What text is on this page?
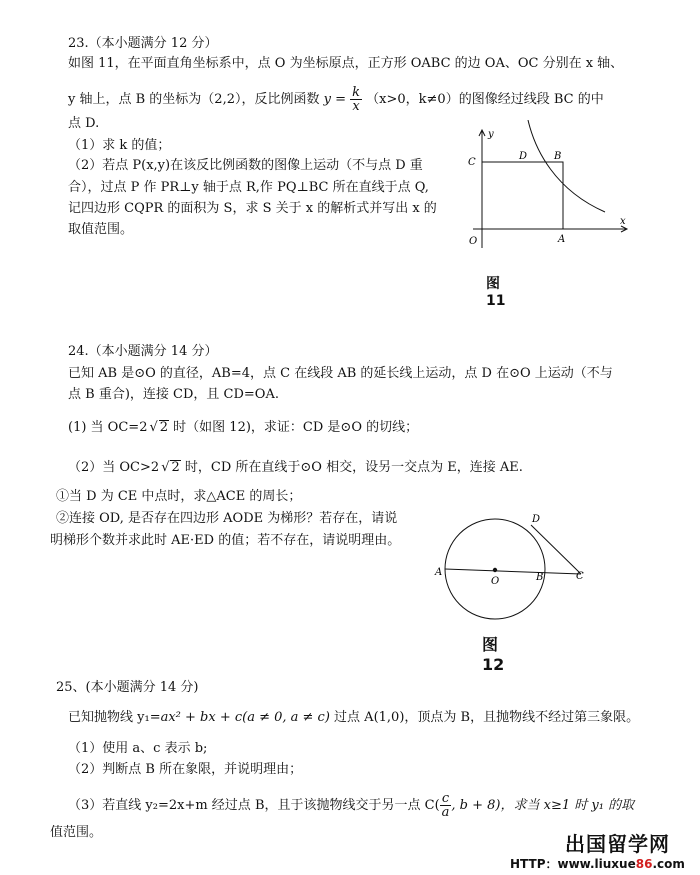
23.（本小题满分 12 分）
如图 11，在平面直角坐标系中，点 O 为坐标原点，正方形 OABC 的边 OA、OC 分别在 x 轴、
y 轴上，点 B 的坐标为（2,2），反比例函数 $y = \frac{k}{x} (x>0$，k≠0）的图像经过线段 BC 的中
点 D.
（1）求 k 的值；
（2）若点 P(x,y)在该反比例函数的图像上运动（不与点 D 重
合），过点 P 作 PR⊥y 轴于点 R,作 PQ⊥BC 所在直线于点 Q,
记四边形 CQPR 的面积为 S，求 S 关于 x 的解析式并写出 x 的
取值范围。
y
x
C
D	B
O	A
图11
24.（本小题满分 14 分）
已知 AB 是⊙O 的直径，AB=4，点 C 在线段 AB 的延长线上运动，点 D 在⊙O 上运动（不与
点 B 重合)，连接 CD，且 CD=OA.
(1) 当 OC=2 √ 2 时（如图 12)，求证：CD 是⊙O 的切线；
（2）当 OC>2 √ 2 时，CD 所在直线于⊙O 相交，设另一交点为 E，连接 AE.
①当 D 为 CE 中点时，求△ACE 的周长；
②连接 OD, 是否存在四边形 AODE 为梯形？若存在，请说
明梯形个数并求此时 AE·ED 的值；若不存在，请说明理由。
D
A
O	B	C
图12
25、(本小题满分 14 分)
已知抛物线 y₁=ax² + bx + c(a ≠ 0, a ≠ c) 过点 A(1,0)，顶点为 B，且抛物线不经过第三象限。
（1）使用 a、c 表示 b;
（2）判断点 B 所在象限，并说明理由；
（3）若直线 y₂=2x+m 经过点 B，且于该抛物线交于另一点 $C( \frac{c}{a}$ , b + 8)，求当 x≥1 时 y₁ 的取
值范围。	出国留学网
HTTP：www.liuxue86.com
